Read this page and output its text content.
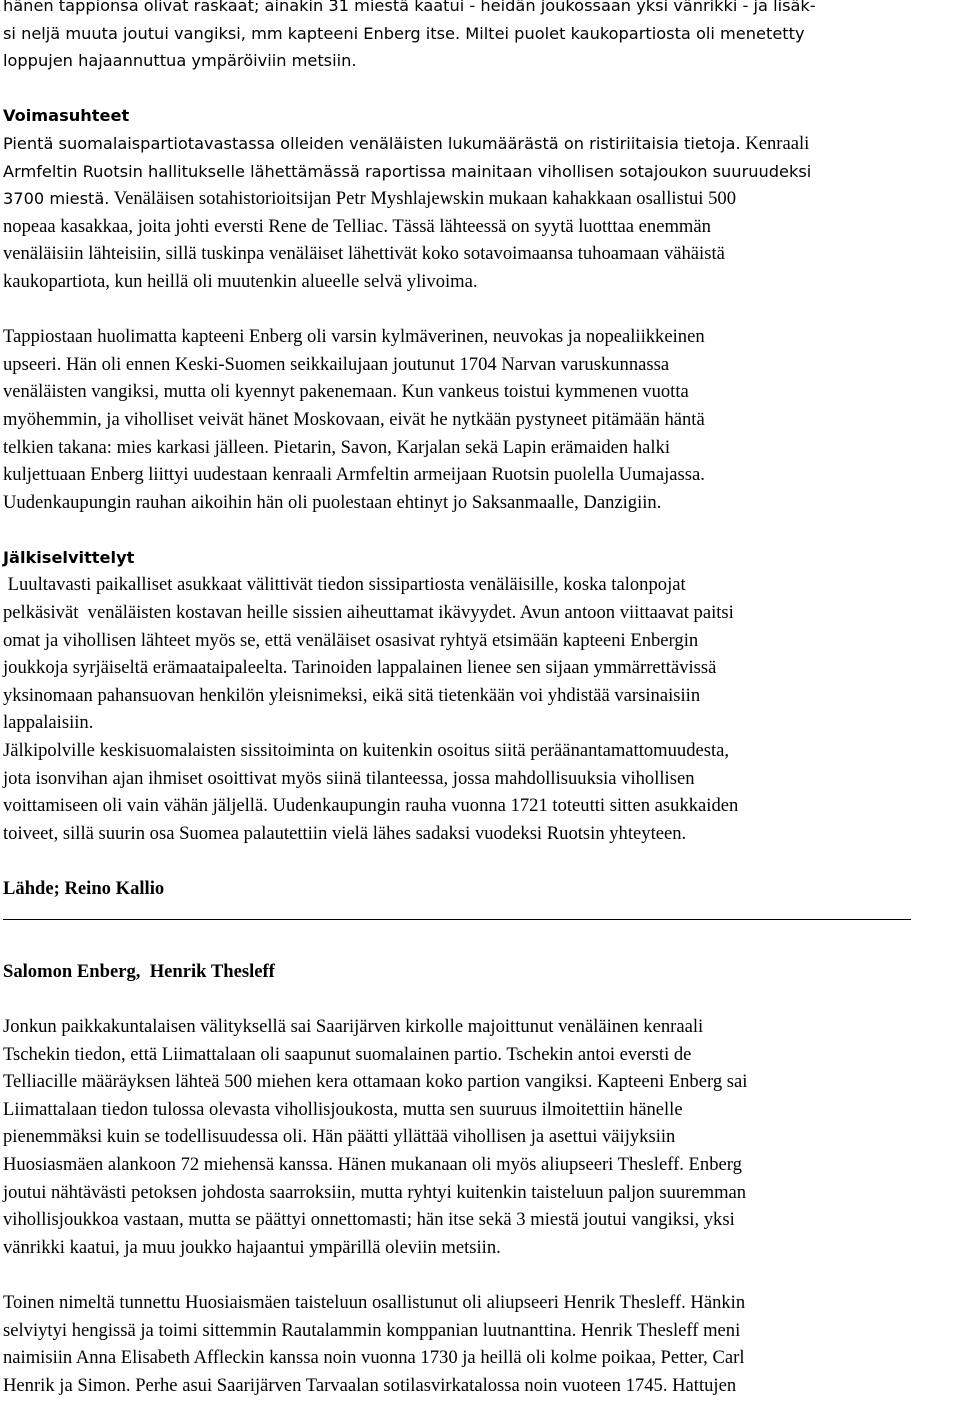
hänen tappionsa olivat raskaat; ainakin 31 miestä kaatui - heidän joukossaan yksi vänrikki - ja lisäk-

si neljä muuta joutui vangiksi, mm kapteeni Enberg itse. Miltei puolet kaukopartiosta oli menetetty

loppujen hajaannuttua ympäröiviin metsiin.

Voimasuhteet

Pientä suomalaispartiotavastassa olleiden venäläisten lukumäärästä on ristiriitaisia tietoja. Kenraali

Armfeltin Ruotsin hallitukselle lähettämässä raportissa mainitaan vihollisen sotajoukon suuruudeksi

3700 miestä. Venäläisen sotahistorioitsijan Petr Myshlajewskin mukaan kahakkaan osallistui 500

nopeaa kasakkaa, joita johti eversti Rene de Telliac. Tässä lähteessä on syytä luotttaa enemmän

venäläisiin lähteisiin, sillä tuskinpa venäläiset lähettivät koko sotavoimaansa tuhoamaan vähäistä

kaukopartiota, kun heillä oli muutenkin alueelle selvä ylivoima.

Tappiostaan huolimatta kapteeni Enberg oli varsin kylmäverinen, neuvokas ja nopealiikkeinen

upseeri. Hän oli ennen Keski-Suomen seikkailujaan joutunut 1704 Narvan varuskunnassa

venäläisten vangiksi, mutta oli kyennyt pakenemaan. Kun vankeus toistui kymmenen vuotta

myöhemmin, ja viholliset veivät hänet Moskovaan, eivät he nytkään pystyneet pitämään häntä

telkien takana: mies karkasi jälleen. Pietarin, Savon, Karjalan sekä Lapin erämaiden halki

kuljettuaan Enberg liittyi uudestaan kenraali Armfeltin armeijaan Ruotsin puolella Uumajassa.

Uudenkaupungin rauhan aikoihin hän oli puolestaan ehtinyt jo Saksanmaalle, Danzigiin.

Jälkiselvittelyt

Luultavasti paikalliset asukkaat välittivät tiedon sissipartiosta venäläisille, koska talonpojat

pelkäsivät  venäläisten kostavan heille sissien aiheuttamat ikävyydet. Avun antoon viittaavat paitsi

omat ja vihollisen lähteet myös se, että venäläiset osasivat ryhtyä etsimään kapteeni Enbergin

joukkoja syrjäiseltä erämaataipaleelta. Tarinoiden lappalainen lienee sen sijaan ymmärrettävissä

yksinomaan pahansuovan henkilön yleisnimeksi, eikä sitä tietenkään voi yhdistää varsinaisiin

lappalaisiin.

Jälkipolville keskisuomalaisten sissitoiminta on kuitenkin osoitus siitä peräänantamattomuudesta,

jota isonvihan ajan ihmiset osoittivat myös siinä tilanteessa, jossa mahdollisuuksia vihollisen

voittamiseen oli vain vähän jäljellä. Uudenkaupungin rauha vuonna 1721 toteutti sitten asukkaiden

toiveet, sillä suurin osa Suomea palautettiin vielä lähes sadaksi vuodeksi Ruotsin yhteyteen.

Lähde; Reino Kallio

Salomon Enberg,  Henrik Thesleff

Jonkun paikkakuntalaisen välityksellä sai Saarijärven kirkolle majoittunut venäläinen kenraali

Tschekin tiedon, että Liimattalaan oli saapunut suomalainen partio. Tschekin antoi eversti de

Telliacille määräyksen lähteä 500 miehen kera ottamaan koko partion vangiksi. Kapteeni Enberg sai

Liimattalaan tiedon tulossa olevasta vihollisjoukosta, mutta sen suuruus ilmoitettiin hänelle

pienemmäksi kuin se todellisuudessa oli. Hän päätti yllättää vihollisen ja asettui väijyksiin

Huosiasmäen alankoon 72 miehensä kanssa. Hänen mukanaan oli myös aliupseeri Thesleff. Enberg

joutui nähtävästi petoksen johdosta saarroksiin, mutta ryhtyi kuitenkin taisteluun paljon suuremman

vihollisjoukkoa vastaan, mutta se päättyi onnettomasti; hän itse sekä 3 miestä joutui vangiksi, yksi

vänrikki kaatui, ja muu joukko hajaantui ympärillä oleviin metsiin.

Toinen nimeltä tunnettu Huosiaismäen taisteluun osallistunut oli aliupseeri Henrik Thesleff. Hänkin

selviytyi hengissä ja toimi sittemmin Rautalammin komppanian luutnanttina. Henrik Thesleff meni

naimisiin Anna Elisabeth Affleckin kanssa noin vuonna 1730 ja heillä oli kolme poikaa, Petter, Carl

Henrik ja Simon. Perhe asui Saarijärven Tarvaalan sotilasvirkatalossa noin vuoteen 1745. Hattujen
